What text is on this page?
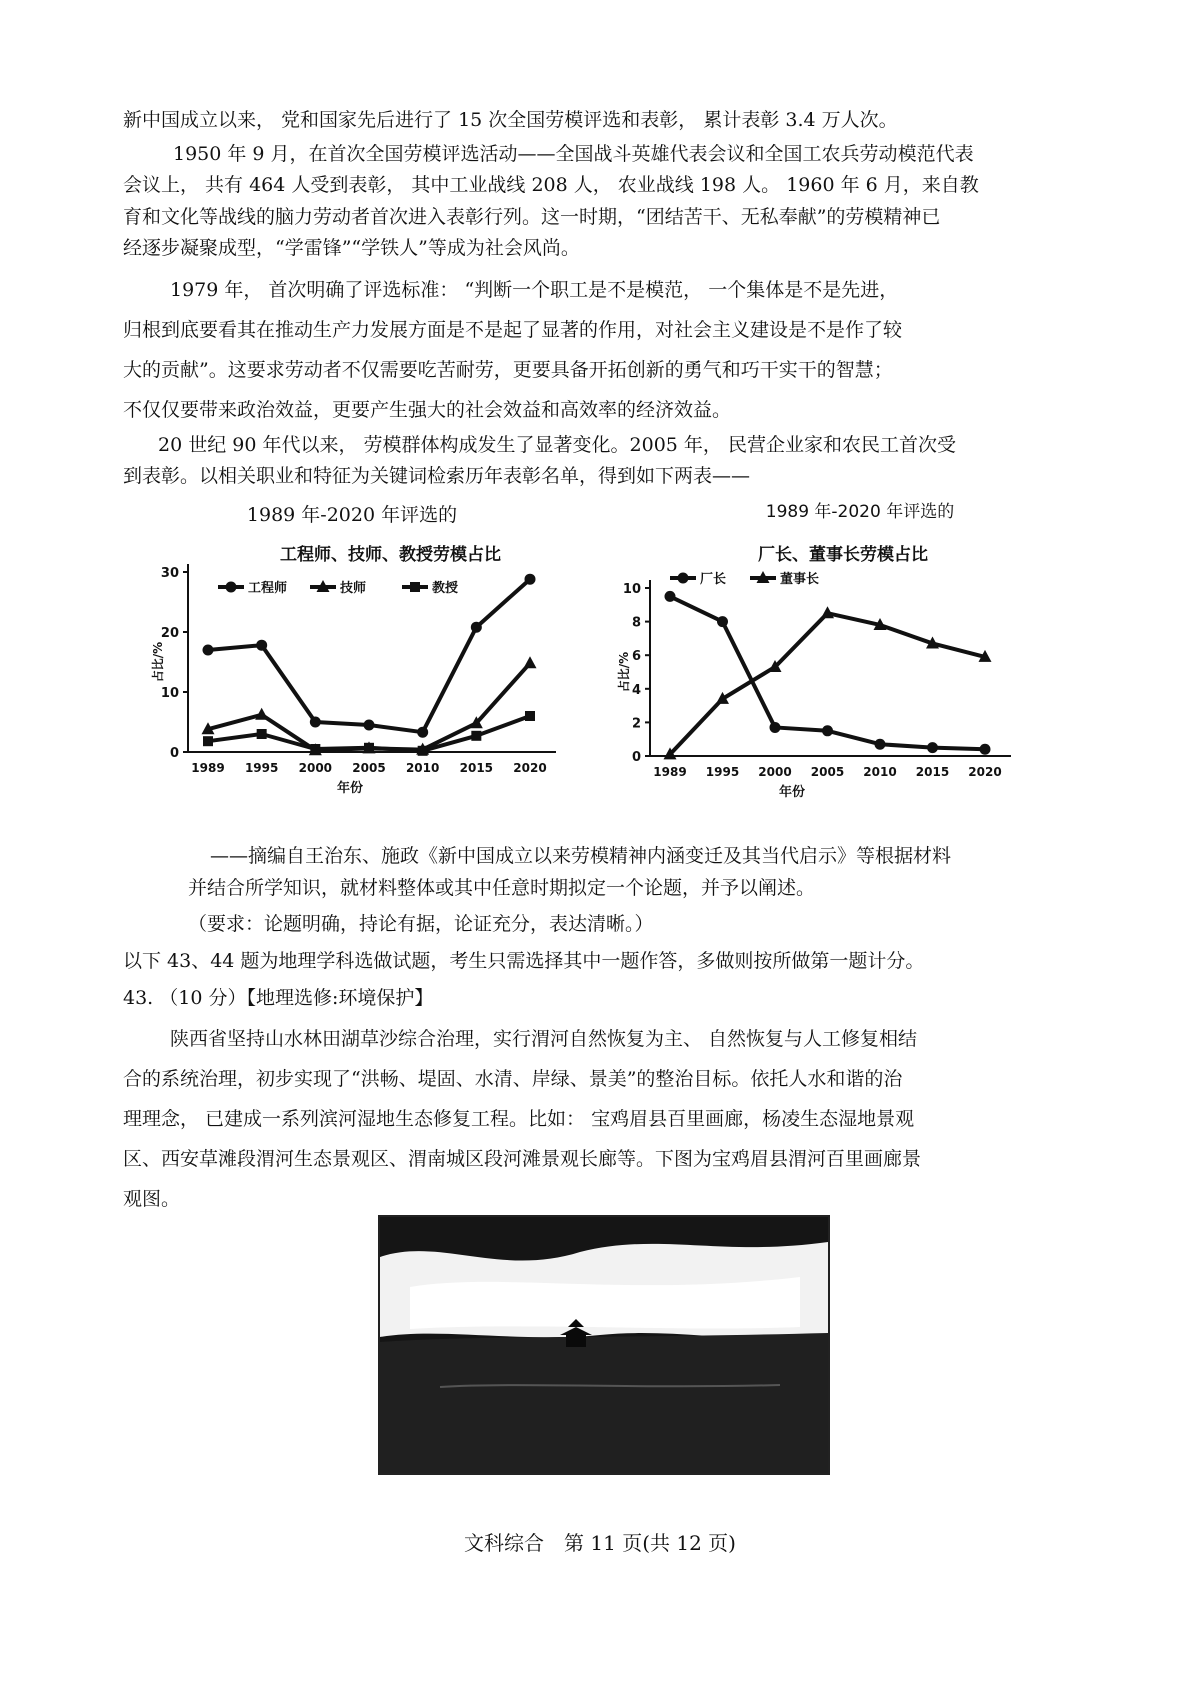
新中国成立以来， 党和国家先后进行了 15 次全国劳模评选和表彰， 累计表彰 3.4 万人次。
1950 年 9 月，在首次全国劳模评选活动——全国战斗英雄代表会议和全国工农兵劳动模范代表
会议上， 共有 464 人受到表彰， 其中工业战线 208 人， 农业战线 198 人。 1960 年 6 月，来自教
育和文化等战线的脑力劳动者首次进入表彰行列。这一时期，“团结苦干、无私奉献”的劳模精神已
经逐步凝聚成型，“学雷锋”“学铁人”等成为社会风尚。
1979 年， 首次明确了评选标准： “判断一个职工是不是模范， 一个集体是不是先进，
归根到底要看其在推动生产力发展方面是不是起了显著的作用，对社会主义建设是不是作了较
大的贡献”。这要求劳动者不仅需要吃苦耐劳，更要具备开拓创新的勇气和巧干实干的智慧；
不仅仅要带来政治效益，更要产生强大的社会效益和高效率的经济效益。
20 世纪 90 年代以来， 劳模群体构成发生了显著变化。2005 年， 民营企业家和农民工首次受
到表彰。以相关职业和特征为关键词检索历年表彰名单，得到如下两表——
1989 年-2020 年评选的
工程师、技师、教授劳模占比
0
10
20
30
1989 1995 2000 2005 2010 2015 2020
年份
占比/%
工程师	技师	教授
1989 年-2020 年评选的
厂长、董事长劳模占比
0
2
4
6
8
10
1989 1995 2000 2005 2010 2015 2020
年份
占比/%
厂长	董事长
——摘编自王治东、施政《新中国成立以来劳模精神内涵变迁及其当代启示》等根据材料
并结合所学知识，就材料整体或其中任意时期拟定一个论题，并予以阐述。
（要求：论题明确，持论有据，论证充分，表达清晰。）
以下 43、44 题为地理学科选做试题，考生只需选择其中一题作答，多做则按所做第一题计分。
43. （10 分）【地理选修:环境保护】
陕西省坚持山水林田湖草沙综合治理，实行渭河自然恢复为主、 自然恢复与人工修复相结
合的系统治理，初步实现了“洪畅、堤固、水清、岸绿、景美”的整治目标。依托人水和谐的治
理理念， 已建成一系列滨河湿地生态修复工程。比如： 宝鸡眉县百里画廊，杨凌生态湿地景观
区、西安草滩段渭河生态景观区、渭南城区段河滩景观长廊等。下图为宝鸡眉县渭河百里画廊景
观图。
文科综合　第 11 页(共 12 页)
